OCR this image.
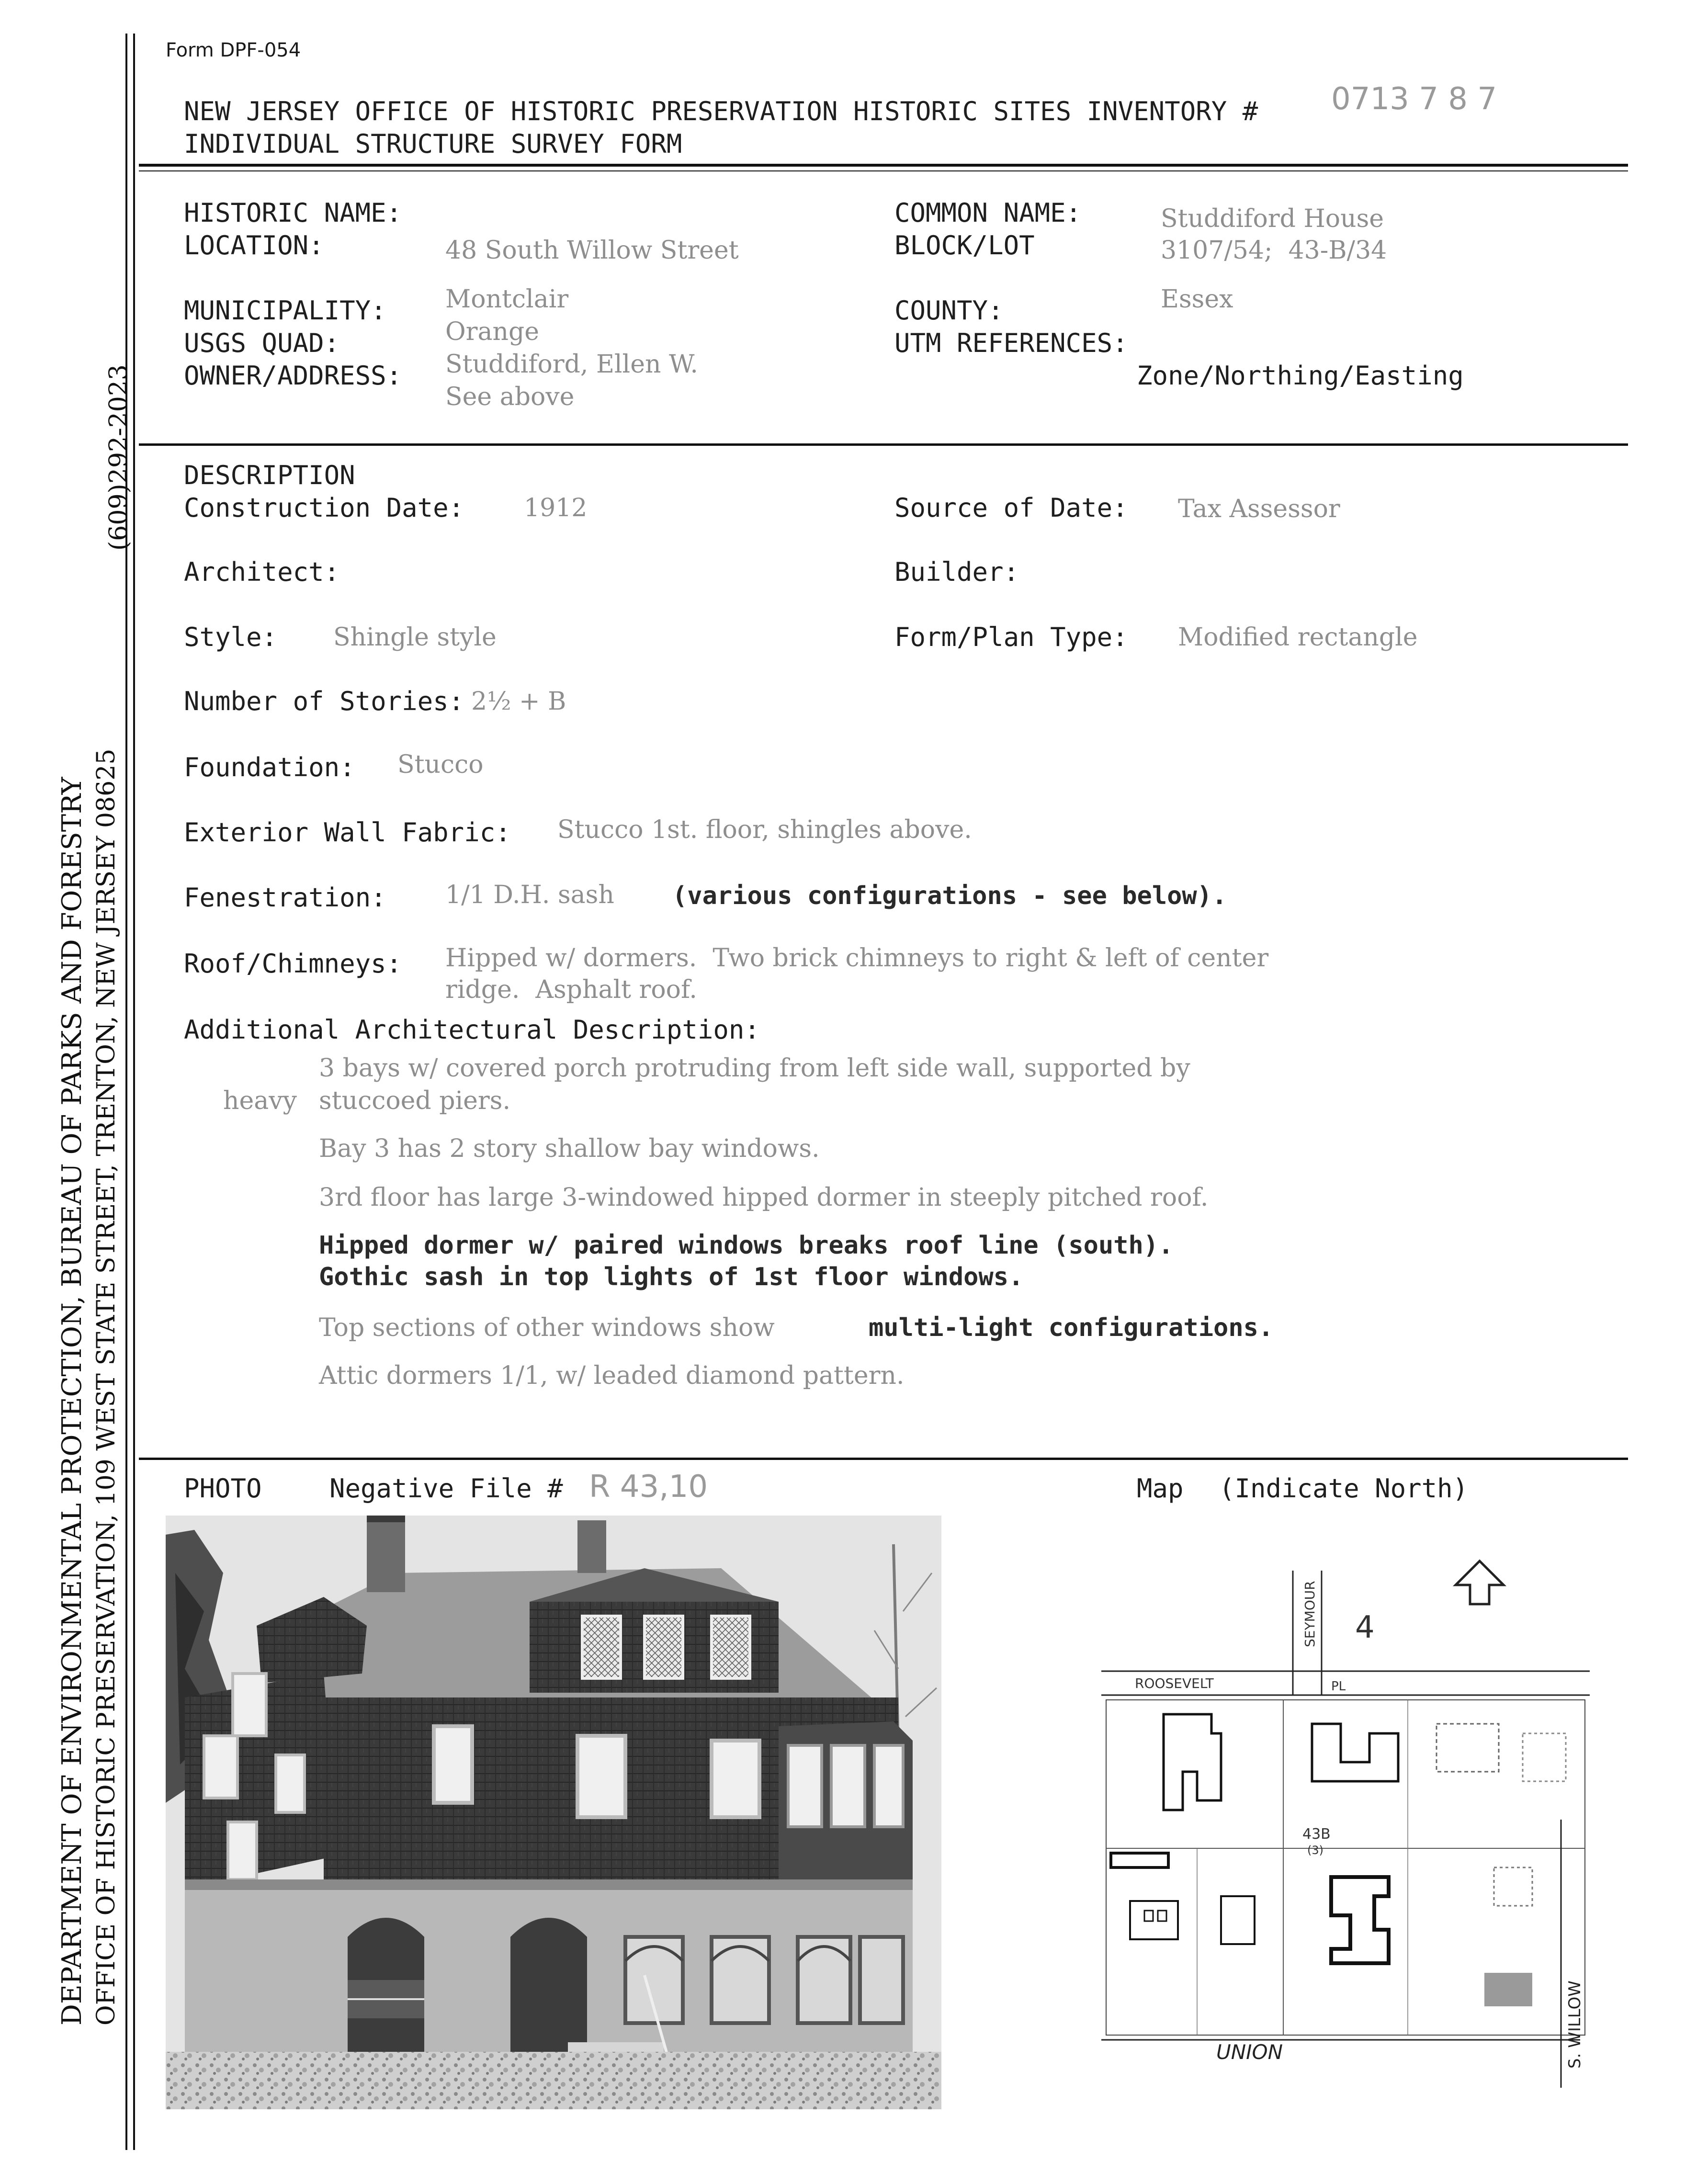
(609)292-2023
DEPARTMENT OF ENVIRONMENTAL PROTECTION, BUREAU OF PARKS AND FORESTRY OFFICE OF HISTORIC PRESERVATION, 109 WEST STATE STREET, TRENTON, NEW JERSEY 08625
Form DPF-054
NEW JERSEY OFFICE OF HISTORIC PRESERVATION HISTORIC SITES INVENTORY # 0713 7 8 7
INDIVIDUAL STRUCTURE SURVEY FORM
HISTORIC NAME:
LOCATION:	48 South Willow Street
COMMON NAME:	Studdiford House
BLOCK/LOT	3107/54;  43-B/34
MUNICIPALITY: Montclair	COUNTY:	Essex
USGS QUAD:	Orange	UTM REFERENCES:
Zone/Northing/Easting
OWNER/ADDRESS: Studdiford, Ellen W.
See above
DESCRIPTION
Construction Date: 1912	Source of Date: Tax Assessor
Architect:	Builder:
Style: Shingle style	Form/Plan Type: Modified rectangle
Number of Stories: 2½ + B
Foundation: Stucco
Exterior Wall Fabric: Stucco 1st. floor, shingles above.
Fenestration: 1/1 D.H. sash (various configurations - see below).
Roof/Chimneys: Hipped w/ dormers.  Two brick chimneys to right & left of center
ridge.  Asphalt roof.
Additional Architectural Description:
3 bays w/ covered porch protruding from left side wall, supported by
heavy stuccoed piers.
Bay 3 has 2 story shallow bay windows.
3rd floor has large 3-windowed hipped dormer in steeply pitched roof.
Hipped dormer w/ paired windows breaks roof line (south).
Gothic sash in top lights of 1st floor windows.
Top sections of other windows show	multi-light configurations.
Attic dormers 1/1, w/ leaded diamond pattern.
PHOTO	Negative File # R 43,10	Map (Indicate North)
SEYMOUR 4
ROOSEVELT	PL
43B
(3)
UNION	S. WILLOW
